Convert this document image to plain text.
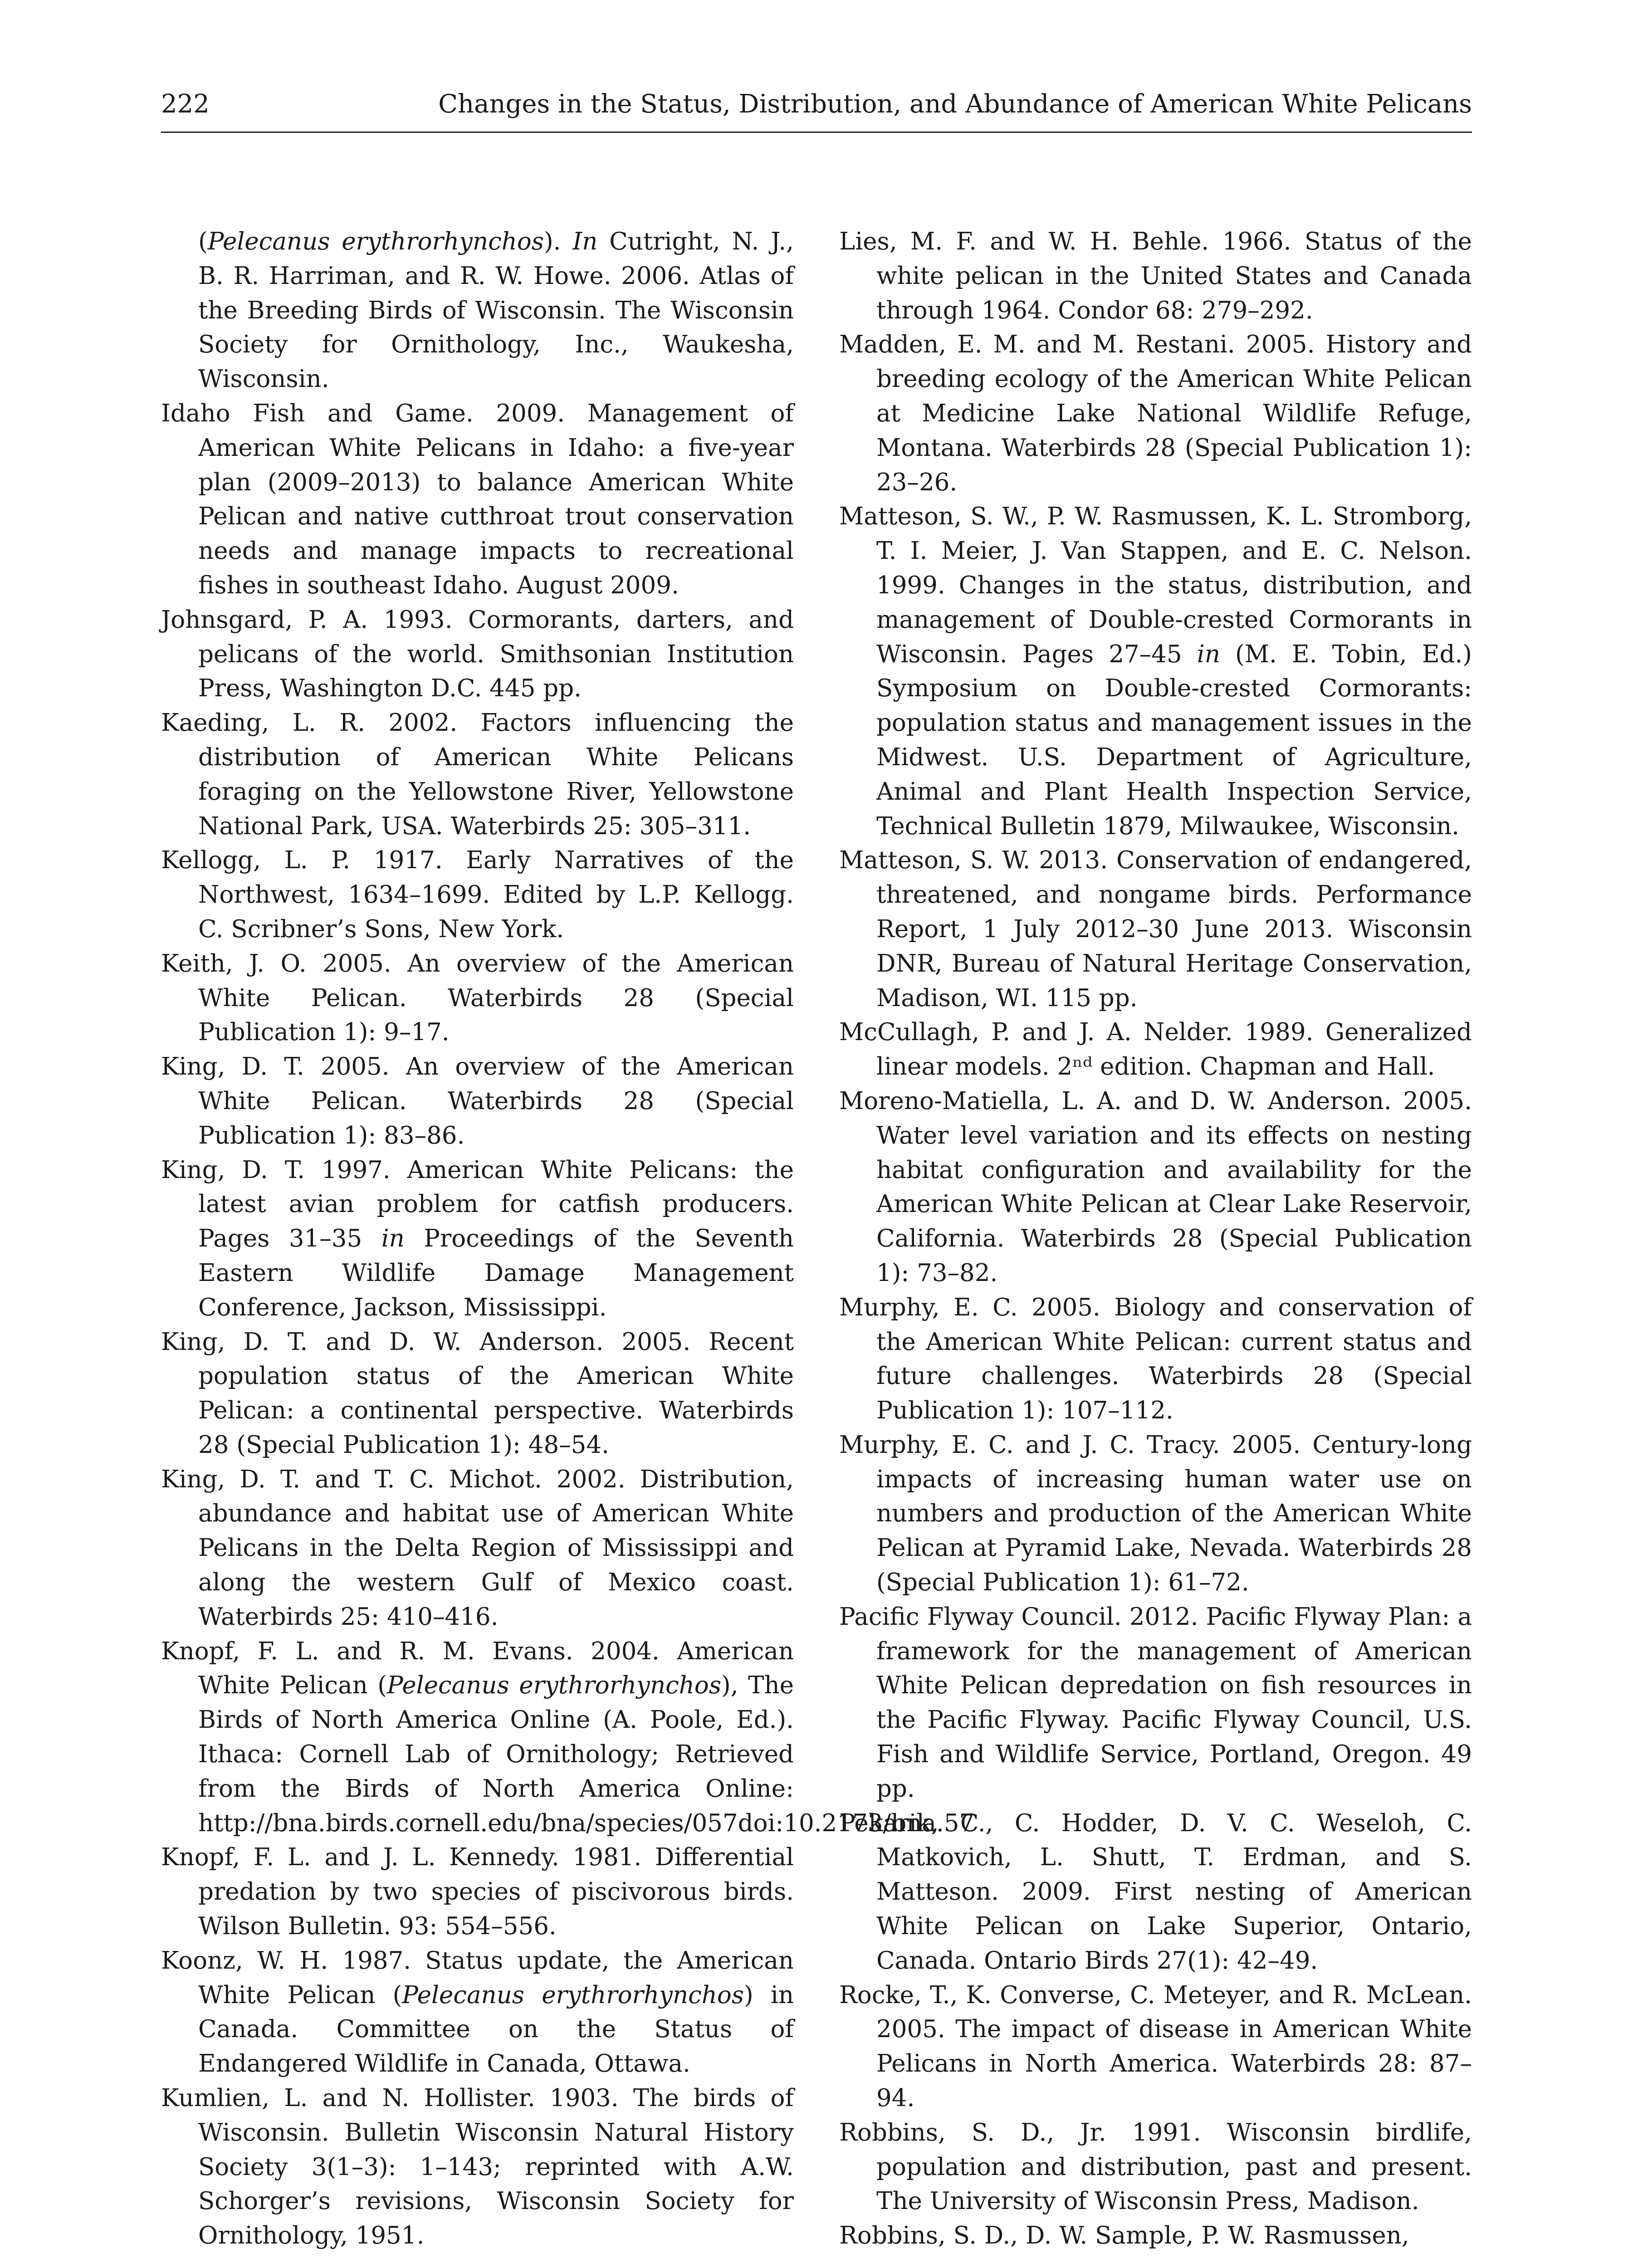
222	Changes in the Status, Distribution, and Abundance of American White Pelicans

(Pelecanus erythrorhynchos). In Cutright, N. J., B. R. Harriman, and R. W. Howe. 2006. Atlas of the Breeding Birds of Wisconsin. The Wisconsin Society for Ornithology, Inc., Waukesha, Wisconsin.

Idaho Fish and Game. 2009. Management of American White Pelicans in Idaho: a five-year plan (2009–2013) to balance American White Pelican and native cutthroat trout conservation needs and manage impacts to recreational fishes in southeast Idaho. August 2009.

Johnsgard, P. A. 1993. Cormorants, darters, and pelicans of the world. Smithsonian Institution Press, Washington D.C. 445 pp.

Kaeding, L. R. 2002. Factors influencing the distribution of American White Pelicans foraging on the Yellowstone River, Yellowstone National Park, USA. Waterbirds 25: 305–311.

Kellogg, L. P. 1917. Early Narratives of the Northwest, 1634–1699. Edited by L.P. Kellogg. C. Scribner’s Sons, New York.

Keith, J. O. 2005. An overview of the American White Pelican. Waterbirds 28 (Special Publication 1): 9–17.

King, D. T. 2005. An overview of the American White Pelican. Waterbirds 28 (Special Publication 1): 83–86.

King, D. T. 1997. American White Pelicans: the latest avian problem for catfish producers. Pages 31–35 in Proceedings of the Seventh Eastern Wildlife Damage Management Conference, Jackson, Mississippi.

King, D. T. and D. W. Anderson. 2005. Recent population status of the American White Pelican: a continental perspective. Waterbirds 28 (Special Publication 1): 48–54.

King, D. T. and T. C. Michot. 2002. Distribution, abundance and habitat use of American White Pelicans in the Delta Region of Mississippi and along the western Gulf of Mexico coast. Waterbirds 25: 410–416.

Knopf, F. L. and R. M. Evans. 2004. American White Pelican (Pelecanus erythrorhynchos), The Birds of North America Online (A. Poole, Ed.). Ithaca: Cornell Lab of Ornithology; Retrieved from the Birds of North America Online: http://bna.birds.cornell.edu/bna/species/057doi:10.2173/bna.57

Knopf, F. L. and J. L. Kennedy. 1981. Differential predation by two species of piscivorous birds. Wilson Bulletin. 93: 554–556.

Koonz, W. H. 1987. Status update, the American White Pelican (Pelecanus erythrorhynchos) in Canada. Committee on the Status of Endangered Wildlife in Canada, Ottawa.

Kumlien, L. and N. Hollister. 1903. The birds of Wisconsin. Bulletin Wisconsin Natural History Society 3(1–3): 1–143; reprinted with A.W. Schorger’s revisions, Wisconsin Society for Ornithology, 1951.

Lies, M. F. and W. H. Behle. 1966. Status of the white pelican in the United States and Canada through 1964. Condor 68: 279–292.

Madden, E. M. and M. Restani. 2005. History and breeding ecology of the American White Pelican at Medicine Lake National Wildlife Refuge, Montana. Waterbirds 28 (Special Publication 1): 23–26.

Matteson, S. W., P. W. Rasmussen, K. L. Stromborg, T. I. Meier, J. Van Stappen, and E. C. Nelson. 1999. Changes in the status, distribution, and management of Double-crested Cormorants in Wisconsin. Pages 27–45 in (M. E. Tobin, Ed.) Symposium on Double-crested Cormorants: population status and management issues in the Midwest. U.S. Department of Agriculture, Animal and Plant Health Inspection Service, Technical Bulletin 1879, Milwaukee, Wisconsin.

Matteson, S. W. 2013. Conservation of endangered, threatened, and nongame birds. Performance Report, 1 July 2012–30 June 2013. Wisconsin DNR, Bureau of Natural Heritage Conservation, Madison, WI. 115 pp.

McCullagh, P. and J. A. Nelder. 1989. Generalized linear models. 2ⁿᵈ edition. Chapman and Hall.

Moreno-Matiella, L. A. and D. W. Anderson. 2005. Water level variation and its effects on nesting habitat configuration and availability for the American White Pelican at Clear Lake Reservoir, California. Waterbirds 28 (Special Publication 1): 73–82.

Murphy, E. C. 2005. Biology and conservation of the American White Pelican: current status and future challenges. Waterbirds 28 (Special Publication 1): 107–112.

Murphy, E. C. and J. C. Tracy. 2005. Century-long impacts of increasing human water use on numbers and production of the American White Pelican at Pyramid Lake, Nevada. Waterbirds 28 (Special Publication 1): 61–72.

Pacific Flyway Council. 2012. Pacific Flyway Plan: a framework for the management of American White Pelican depredation on fish resources in the Pacific Flyway. Pacific Flyway Council, U.S. Fish and Wildlife Service, Portland, Oregon. 49 pp.

Pekarik, C., C. Hodder, D. V. C. Weseloh, C. Matkovich, L. Shutt, T. Erdman, and S. Matteson. 2009. First nesting of American White Pelican on Lake Superior, Ontario, Canada. Ontario Birds 27(1): 42–49.

Rocke, T., K. Converse, C. Meteyer, and R. McLean. 2005. The impact of disease in American White Pelicans in North America. Waterbirds 28: 87–94.

Robbins, S. D., Jr. 1991. Wisconsin birdlife, population and distribution, past and present. The University of Wisconsin Press, Madison.

Robbins, S. D., D. W. Sample, P. W. Rasmussen,
